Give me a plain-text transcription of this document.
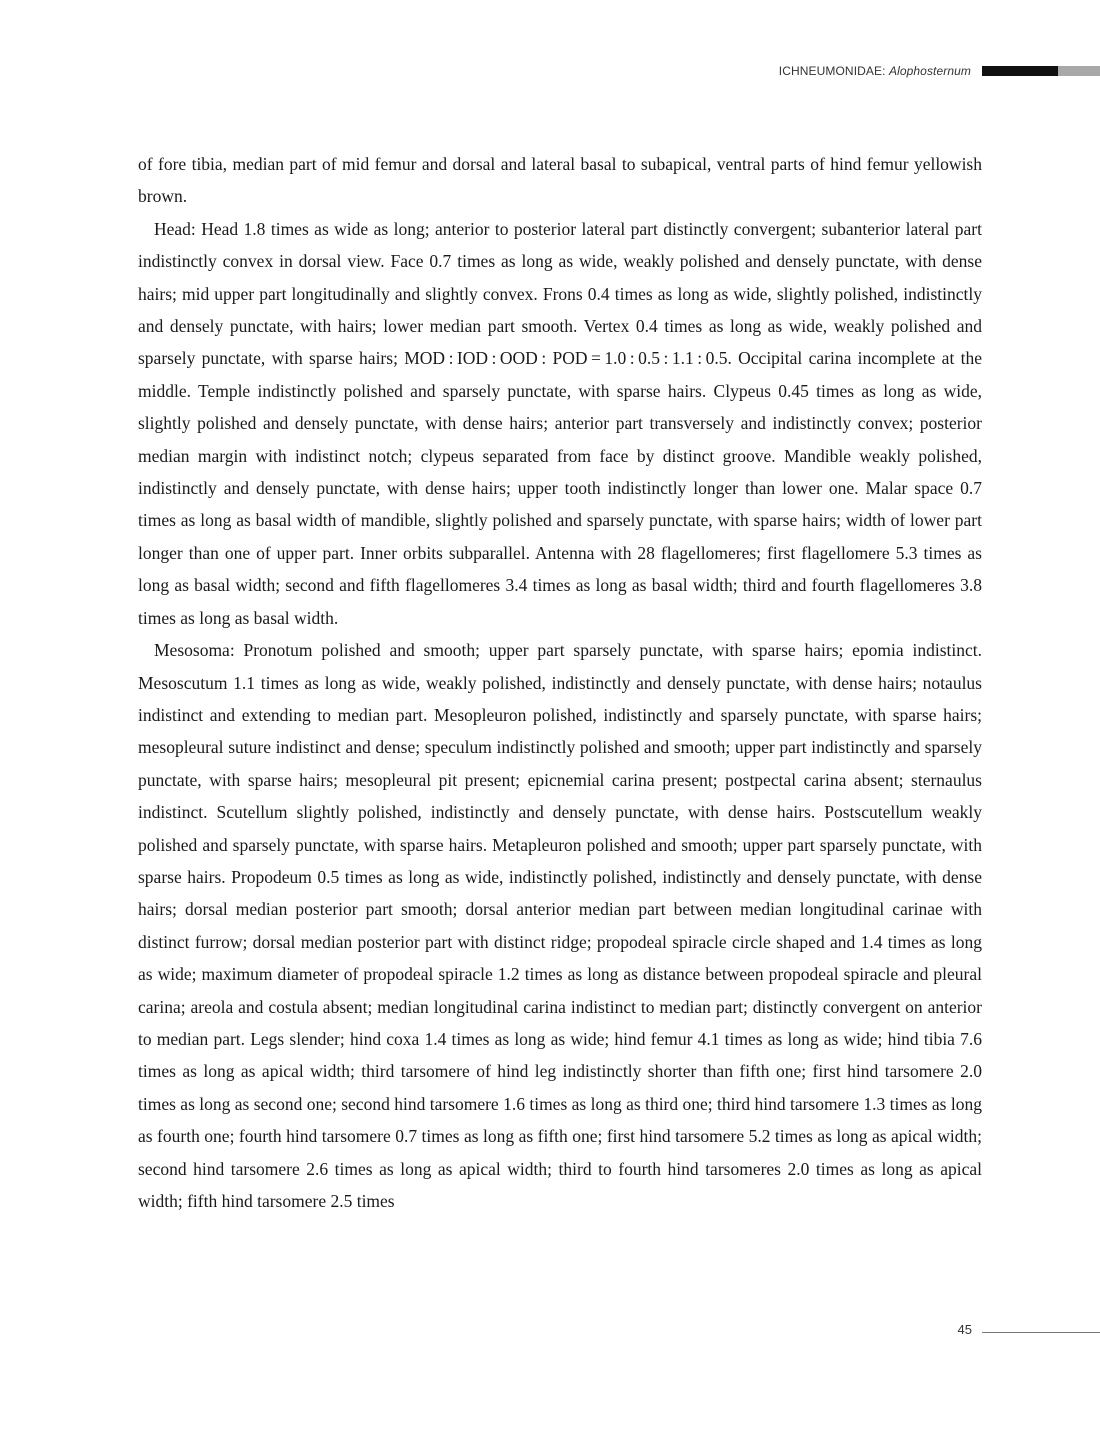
ICHNEUMONIDAE: Alophosternum

of fore tibia, median part of mid femur and dorsal and lateral basal to subapical, ventral parts of hind femur yellowish brown.

Head: Head 1.8 times as wide as long; anterior to posterior lateral part distinctly convergent; subanterior lateral part indistinctly convex in dorsal view. Face 0.7 times as long as wide, weakly polished and densely punctate, with dense hairs; mid upper part longitudinally and slightly convex. Frons 0.4 times as long as wide, slightly polished, indistinctly and densely punctate, with hairs; lower median part smooth. Vertex 0.4 times as long as wide, weakly polished and sparsely punctate, with sparse hairs; MOD : IOD : OOD : POD = 1.0 : 0.5 : 1.1 : 0.5. Occipital carina incomplete at the middle. Temple indistinctly polished and sparsely punctate, with sparse hairs. Clypeus 0.45 times as long as wide, slightly polished and densely punctate, with dense hairs; anterior part transversely and indistinctly convex; posterior median margin with indistinct notch; clypeus separated from face by distinct groove. Mandible weakly polished, indistinctly and densely punctate, with dense hairs; upper tooth indistinctly longer than lower one. Malar space 0.7 times as long as basal width of mandible, slightly polished and sparsely punctate, with sparse hairs; width of lower part longer than one of upper part. Inner orbits subparallel. Antenna with 28 flagellomeres; first flagellomere 5.3 times as long as basal width; second and fifth flagellomeres 3.4 times as long as basal width; third and fourth flagellomeres 3.8 times as long as basal width.

Mesosoma: Pronotum polished and smooth; upper part sparsely punctate, with sparse hairs; epomia indistinct. Mesoscutum 1.1 times as long as wide, weakly polished, indistinctly and densely punctate, with dense hairs; notaulus indistinct and extending to median part. Mesopleuron polished, indistinctly and sparsely punctate, with sparse hairs; mesopleural suture indistinct and dense; speculum indistinctly polished and smooth; upper part indistinctly and sparsely punctate, with sparse hairs; mesopleural pit present; epicnemial carina present; postpectal carina absent; sternaulus indistinct. Scutellum slightly polished, indistinctly and densely punctate, with dense hairs. Postscutellum weakly polished and sparsely punctate, with sparse hairs. Metapleuron polished and smooth; upper part sparsely punctate, with sparse hairs. Propodeum 0.5 times as long as wide, indistinctly polished, indistinctly and densely punctate, with dense hairs; dorsal median posterior part smooth; dorsal anterior median part between median longitudinal carinae with distinct furrow; dorsal median posterior part with distinct ridge; propodeal spiracle circle shaped and 1.4 times as long as wide; maximum diameter of propodeal spiracle 1.2 times as long as distance between propodeal spiracle and pleural carina; areola and costula absent; median longitudinal carina indistinct to median part; distinctly convergent on anterior to median part. Legs slender; hind coxa 1.4 times as long as wide; hind femur 4.1 times as long as wide; hind tibia 7.6 times as long as apical width; third tarsomere of hind leg indistinctly shorter than fifth one; first hind tarsomere 2.0 times as long as second one; second hind tarsomere 1.6 times as long as third one; third hind tarsomere 1.3 times as long as fourth one; fourth hind tarsomere 0.7 times as long as fifth one; first hind tarsomere 5.2 times as long as apical width; second hind tarsomere 2.6 times as long as apical width; third to fourth hind tarsomeres 2.0 times as long as apical width; fifth hind tarsomere 2.5 times

45
